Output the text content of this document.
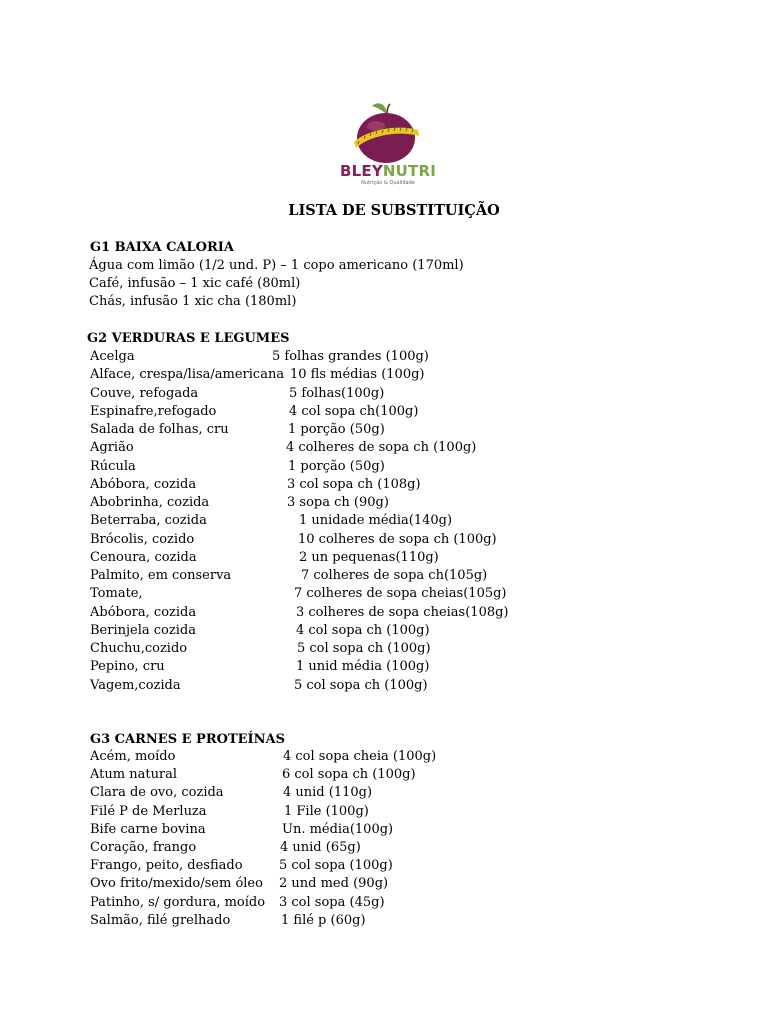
BLEYNUTRI
Nutrição & Qualidade
LISTA DE SUBSTITUIÇÃO
G1 BAIXA CALORIA
Água com limão (1/2 und. P) – 1 copo americano (170ml)
Café, infusão – 1 xic café (80ml)
Chás, infusão 1 xic cha (180ml)
G2 VERDURAS E LEGUMES
Acelga	5 folhas grandes (100g)
Alface, crespa/lisa/americana 10 fls médias (100g)
Couve, refogada	5 folhas(100g)
Espinafre,refogado	4 col sopa ch(100g)
Salada de folhas, cru	1 porção (50g)
Agrião	4 colheres de sopa ch (100g)
Rúcula	1 porção (50g)
Abóbora, cozida	3 col sopa ch (108g)
Abobrinha, cozida	3 sopa ch (90g)
Beterraba, cozida	1 unidade média(140g)
Brócolis, cozido	10 colheres de sopa ch (100g)
Cenoura, cozida	2 un pequenas(110g)
Palmito, em conserva	7 colheres de sopa ch(105g)
Tomate,	7 colheres de sopa cheias(105g)
Abóbora, cozida	3 colheres de sopa cheias(108g)
Berinjela cozida	4 col sopa ch (100g)
Chuchu,cozido	5 col sopa ch (100g)
Pepino, cru	1 unid média (100g)
Vagem,cozida	5 col sopa ch (100g)
G3 CARNES E PROTEÍNAS
Acém, moído	4 col sopa cheia (100g)
Atum natural	6 col sopa ch (100g)
Clara de ovo, cozida	4 unid (110g)
Filé P de Merluza	1 File (100g)
Bife carne bovina	Un. média(100g)
Coração, frango	4 unid (65g)
Frango, peito, desfiado	5 col sopa (100g)
Ovo frito/mexido/sem óleo 2 und med (90g)
Patinho, s/ gordura, moído 3 col sopa (45g)
Salmão, filé grelhado	1 filé p (60g)
